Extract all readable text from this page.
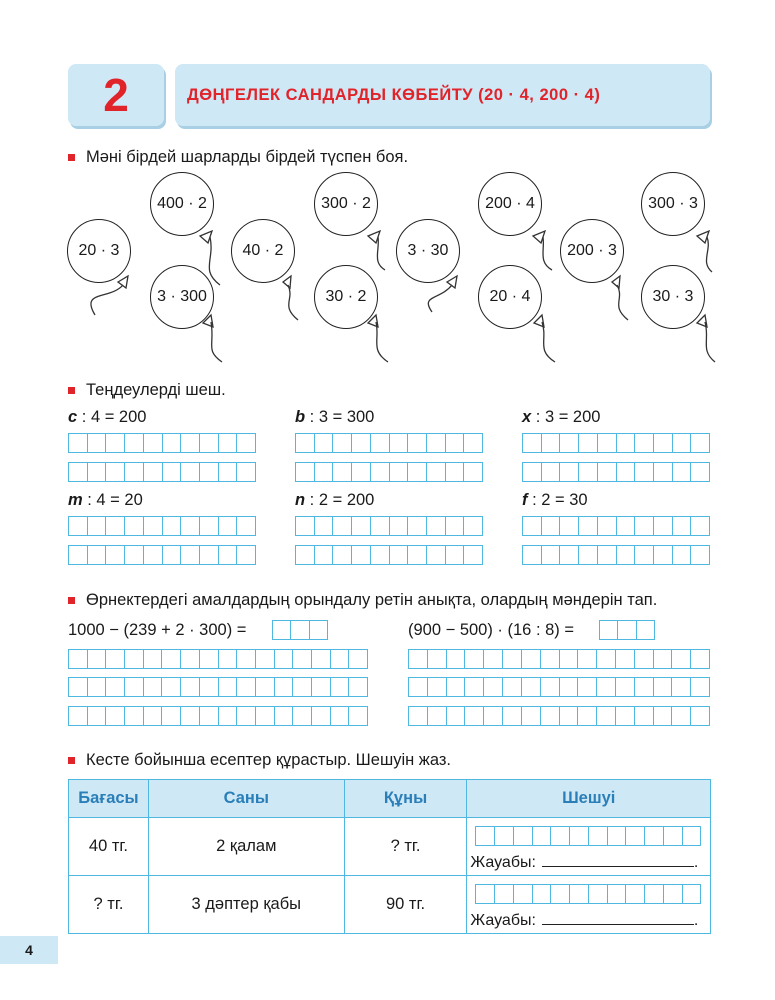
2	ДӨҢГЕЛЕК САНДАРДЫ КӨБЕЙТУ (20 · 4, 200 · 4)
Мәні бірдей шарларды бірдей түспен боя.
20 · 3
400 · 2
3 · 300
40 · 2
300 · 2
30 · 2
3 · 30
200 · 4
20 · 4
200 · 3
300 · 3
30 · 3
Теңдеулерді шеш.
c : 4 = 200	b : 3 = 300	x : 3 = 200
m : 4 = 20	n : 2 = 200	f : 2 = 30
Өрнектердегі амалдардың орындалу ретін анықта, олардың мәндерін тап.
1000 − (239 + 2 · 300) =	(900 − 500) · (16 : 8) =
Кесте бойынша есептер құрастыр. Шешуін жаз.
Бағасы	Саны	Құны	Шешуі
40 тг.	2 қалам	? тг.	Жауабы: .

? тг.	3 дәптер қабы	90 тг.	Жауабы: .
4
